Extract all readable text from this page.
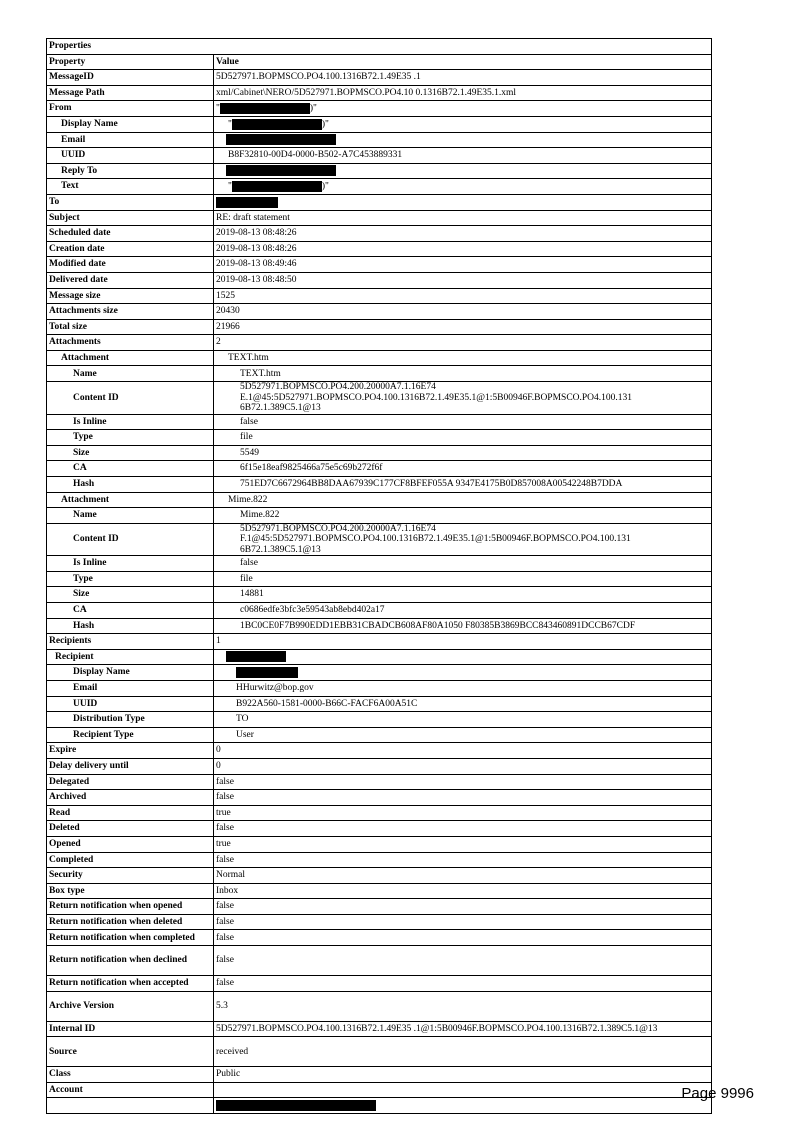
Properties	
Property	Value
MessageID	5D527971.BOPMSCO.PO4.100.1316B72.1.49E35 .1
Message Path	xml/Cabinet\NERO/5D527971.BOPMSCO.PO4.10 0.1316B72.1.49E35.1.xml
From	" )"
Display Name	" )"
Email	
UUID	B8F32810-00D4-0000-B502-A7C453889331
Reply To	
Text	" )"
To	
Subject	RE: draft statement
Scheduled date	2019-08-13 08:48:26
Creation date	2019-08-13 08:48:26
Modified date	2019-08-13 08:49:46
Delivered date	2019-08-13 08:48:50
Message size	1525
Attachments size	20430
Total size	21966
Attachments	2
Attachment	TEXT.htm
Name	TEXT.htm
Content ID	5D527971.BOPMSCO.PO4.200.20000A7.1.16E74 E.1@45:5D527971.BOPMSCO.PO4.100.1316B72.1.49E35.1@1:5B00946F.BOPMSCO.PO4.100.131 6B72.1.389C5.1@13
Is Inline	false
Type	file
Size	5549
CA	6f15e18eaf9825466a75e5c69b272f6f
Hash	751ED7C6672964BB8DAA67939C177CF8BFEF055A 9347E4175B0D857008A00542248B7DDA
Attachment	Mime.822
Name	Mime.822
Content ID	5D527971.BOPMSCO.PO4.200.20000A7.1.16E74 F.1@45:5D527971.BOPMSCO.PO4.100.1316B72.1.49E35.1@1:5B00946F.BOPMSCO.PO4.100.131 6B72.1.389C5.1@13
Is Inline	false
Type	file
Size	14881
CA	c0686edfe3bfc3e59543ab8ebd402a17
Hash	1BC0CE0F7B990EDD1EBB31CBADCB608AF80A1050 F80385B3869BCC843460891DCCB67CDF
Recipients	1
Recipient	
Display Name	
Email	HHurwitz@bop.gov
UUID	B922A560-1581-0000-B66C-FACF6A00A51C
Distribution Type	TO
Recipient Type	User
Expire	0
Delay delivery until	0
Delegated	false
Archived	false
Read	true
Deleted	false
Opened	true
Completed	false
Security	Normal
Box type	Inbox
Return notification when opened	false
Return notification when deleted	false
Return notification when completed	false
Return notification when declined	false
Return notification when accepted	false
Archive Version	5.3
Internal ID	5D527971.BOPMSCO.PO4.100.1316B72.1.49E35 .1@1:5B00946F.BOPMSCO.PO4.100.1316B72.1.389C5.1@13
Source	received
Class	Public
Account	
		Page 9996
